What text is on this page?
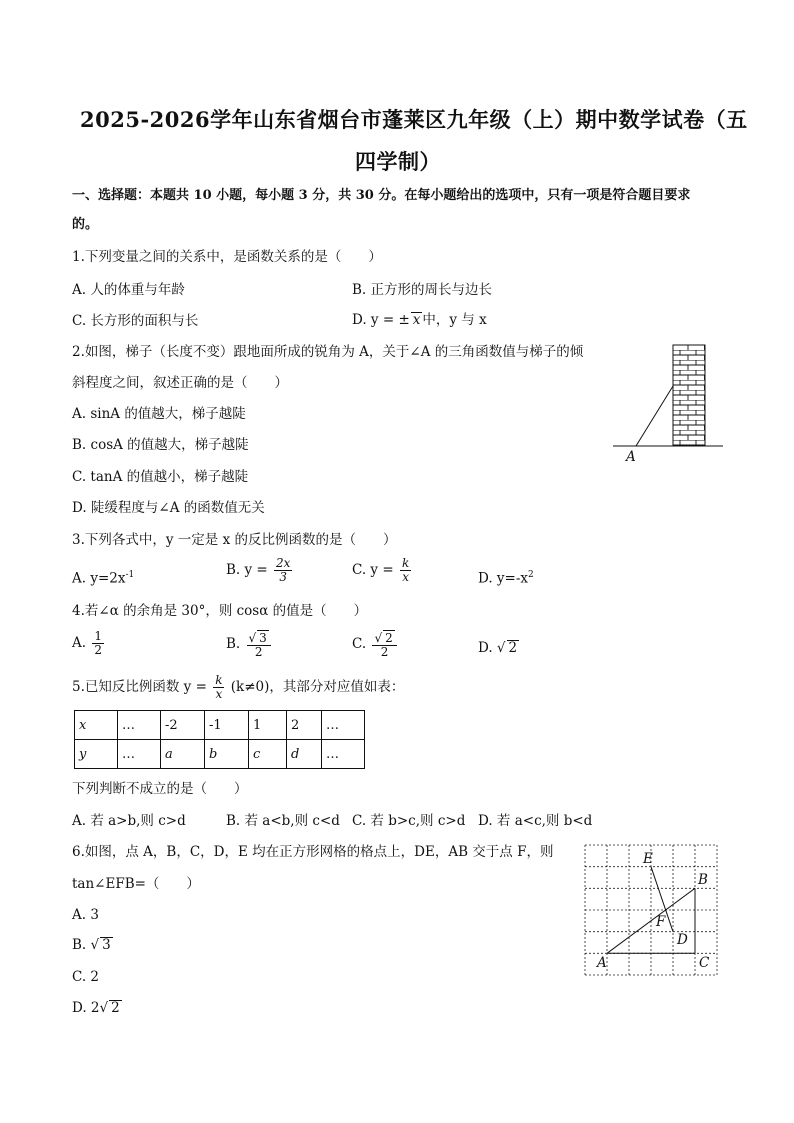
2025-2026学年山东省烟台市蓬莱区九年级（上）期中数学试卷（五
四学制）
一、选择题：本题共 10 小题，每小题 3 分，共 30 分。在每小题给出的选项中，只有一项是符合题目要求
的。
1.下列变量之间的关系中，是函数关系的是（　　）
A. 人的体重与年龄	B. 正方形的周长与边长
C. 长方形的面积与长	D. y = ± x 中，y 与 x
2.如图，梯子（长度不变）跟地面所成的锐角为 A，关于∠A 的三角函数值与梯子的倾
斜程度之间，叙述正确的是（　　）
A. sinA 的值越大，梯子越陡
B. cosA 的值越大，梯子越陡
C. tanA 的值越小，梯子越陡
D. 陡缓程度与∠A 的函数值无关
A
3.下列各式中，y 一定是 x 的反比例函数的是（　　）
A. $y=2x^{-1}$	B. $y = \frac{2x}{3}$	C. $y = \frac{k}{x}$	D. $y=-x^2$
4.若∠α 的余角是 30°，则 cosα 的值是（　　）
A. $\frac{1}{2}$	B. $\frac{√ 3}{2}$	C. $\frac{√ 2}{2}$	D. √ 2
5.已知反比例函数 $y = \frac{k}{x} (k\ne 0)$，其部分对应值如表：
x	…	-2	-1	1	2	…
y	…	a	b	c	d	…
下列判断不成立的是（　　）
A. 若 a>b,则 c>d	B. 若 a<b,则 c<d C. 若 b>c,则 c>d D. 若 a<c,则 b<d
6.如图，点 A，B，C，D，E 均在正方形网格的格点上，DE，AB 交于点 F，则
tan∠EFB=（　　）
A. 3
B. √ 3
C. 2
D. 2√ 2
E
B
F
D
A	C
